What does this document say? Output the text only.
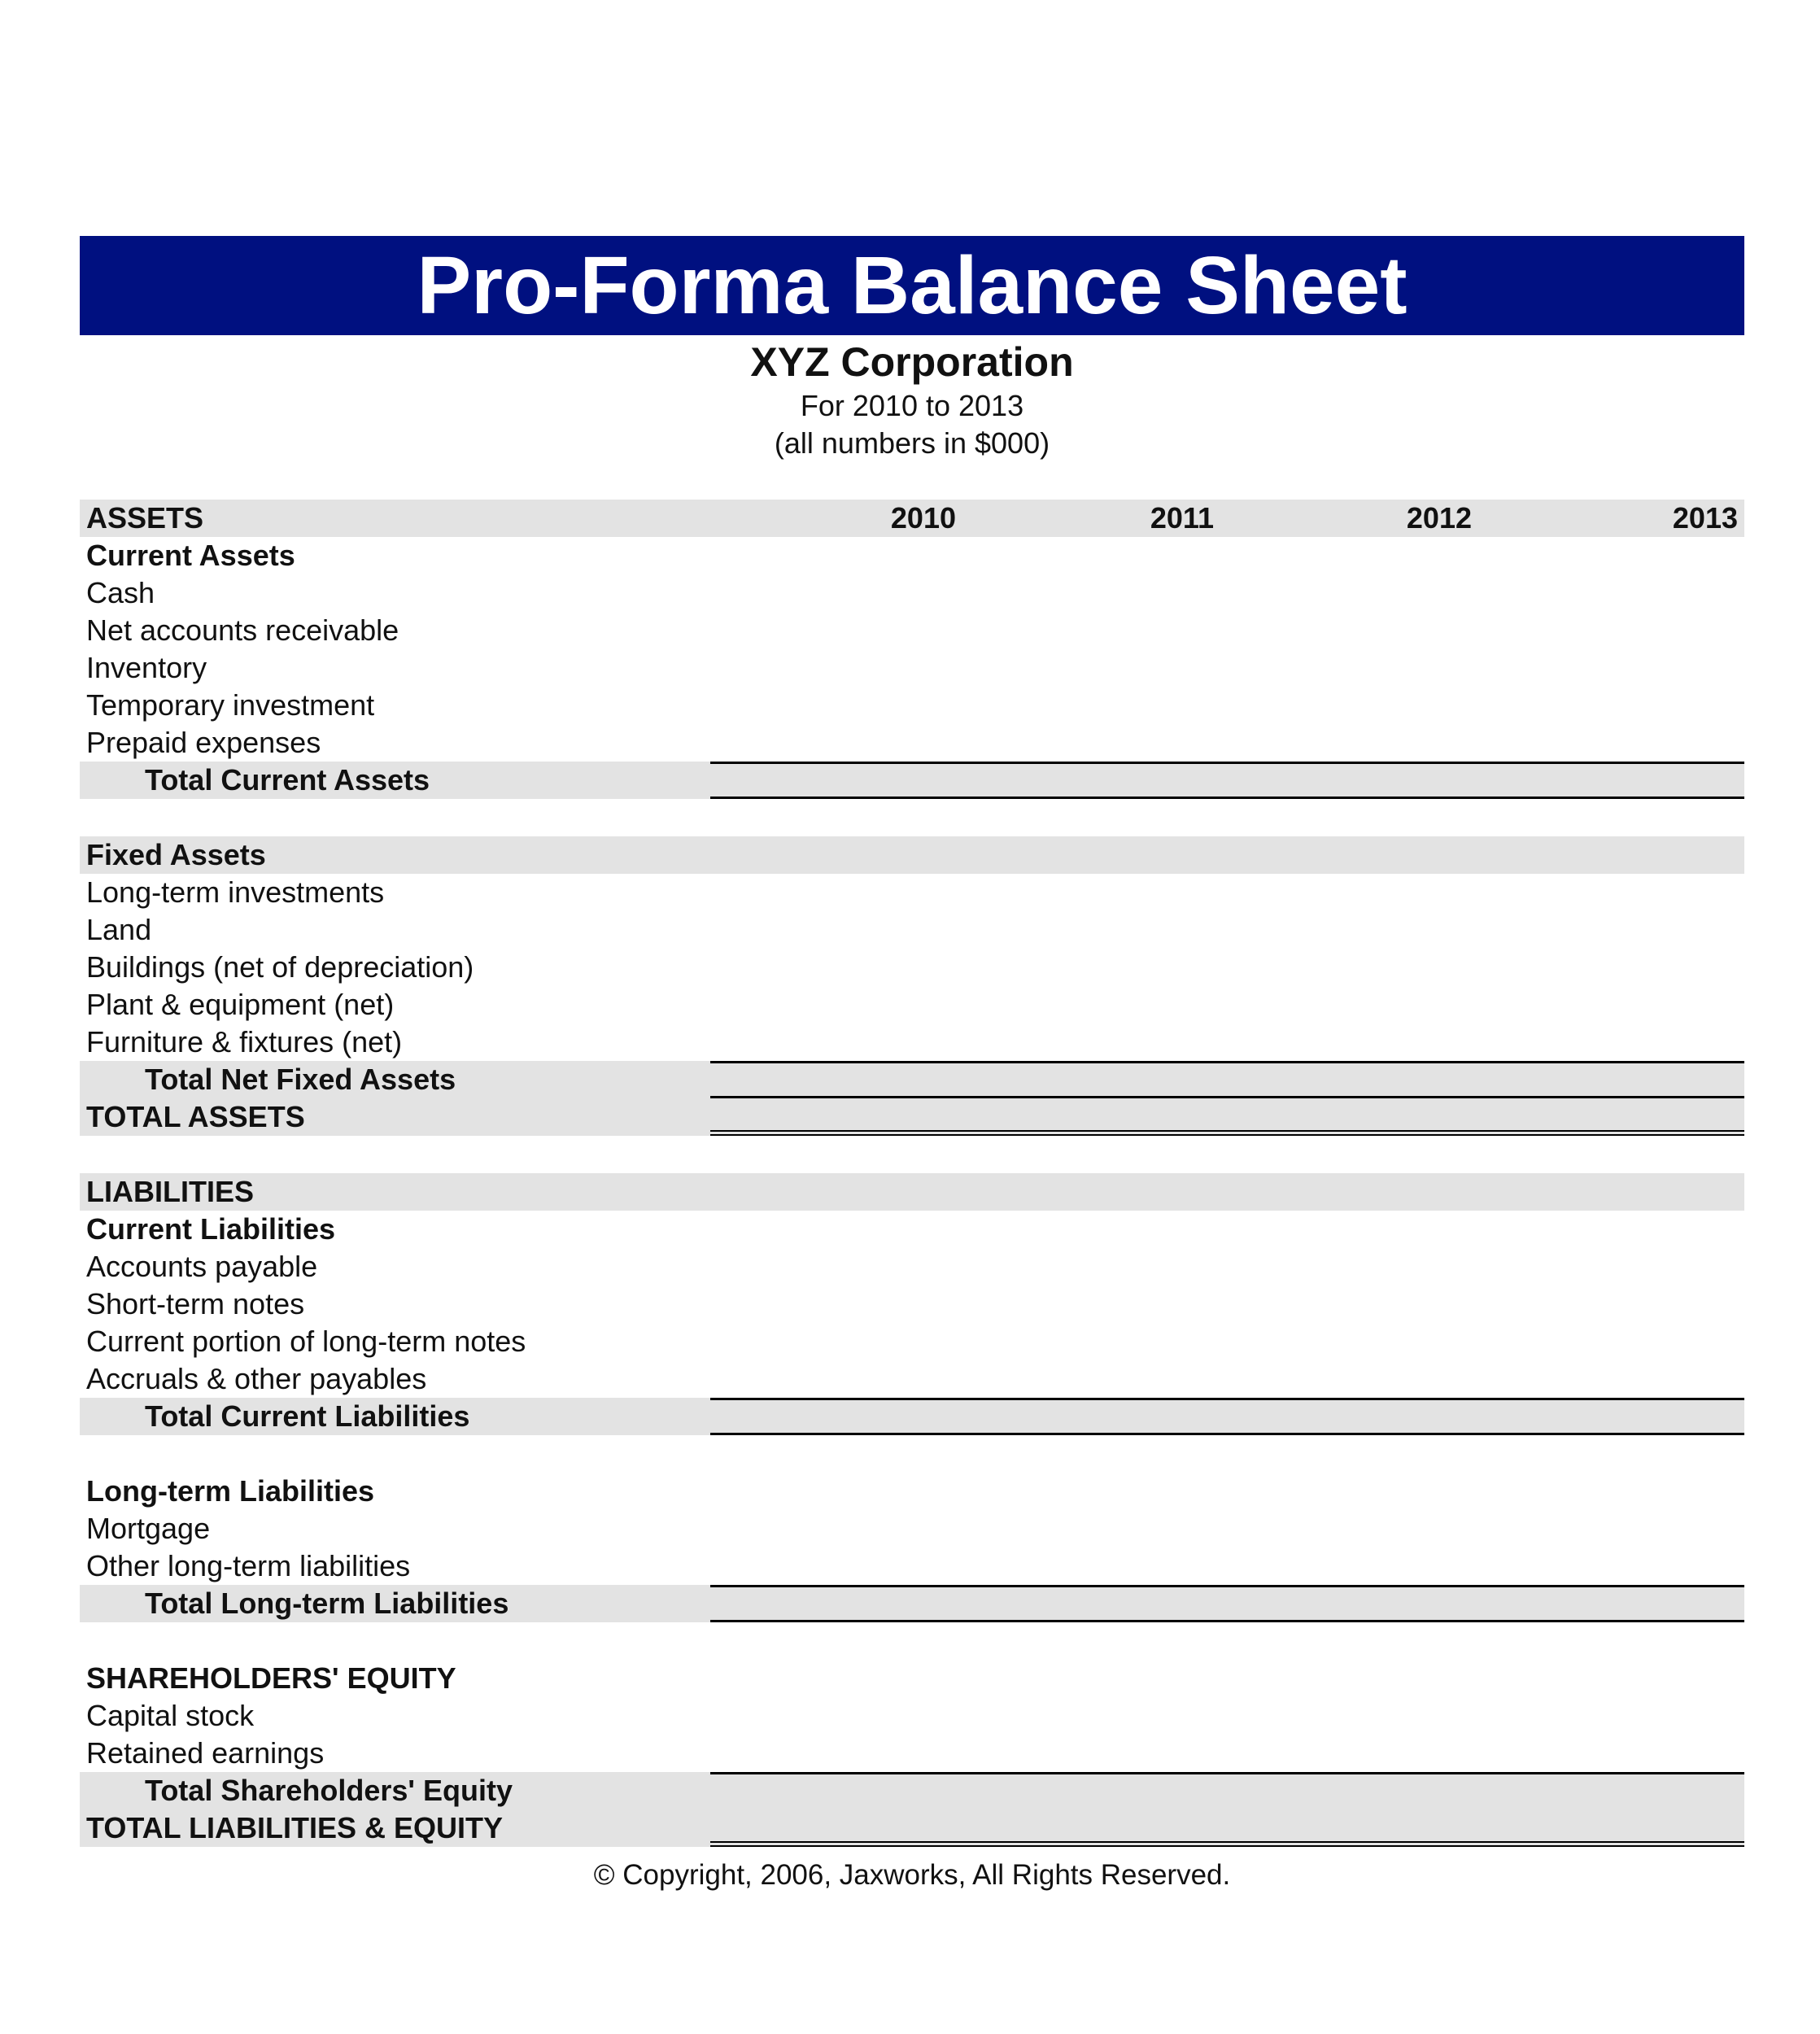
Pro-Forma Balance Sheet
XYZ Corporation
For 2010 to 2013
(all numbers in $000)
ASSETS	2010	2011	2012	2013
Current Assets
Cash
Net accounts receivable
Inventory
Temporary investment
Prepaid expenses
Total Current Assets
Fixed Assets
Long-term investments
Land
Buildings (net of depreciation)
Plant & equipment (net)
Furniture & fixtures (net)
Total Net Fixed Assets
TOTAL ASSETS
LIABILITIES
Current Liabilities
Accounts payable
Short-term notes
Current portion of long-term notes
Accruals & other payables
Total Current Liabilities
Long-term Liabilities
Mortgage
Other long-term liabilities
Total Long-term Liabilities
SHAREHOLDERS' EQUITY
Capital stock
Retained earnings
Total Shareholders' Equity
TOTAL LIABILITIES & EQUITY
© Copyright, 2006, Jaxworks, All Rights Reserved.
